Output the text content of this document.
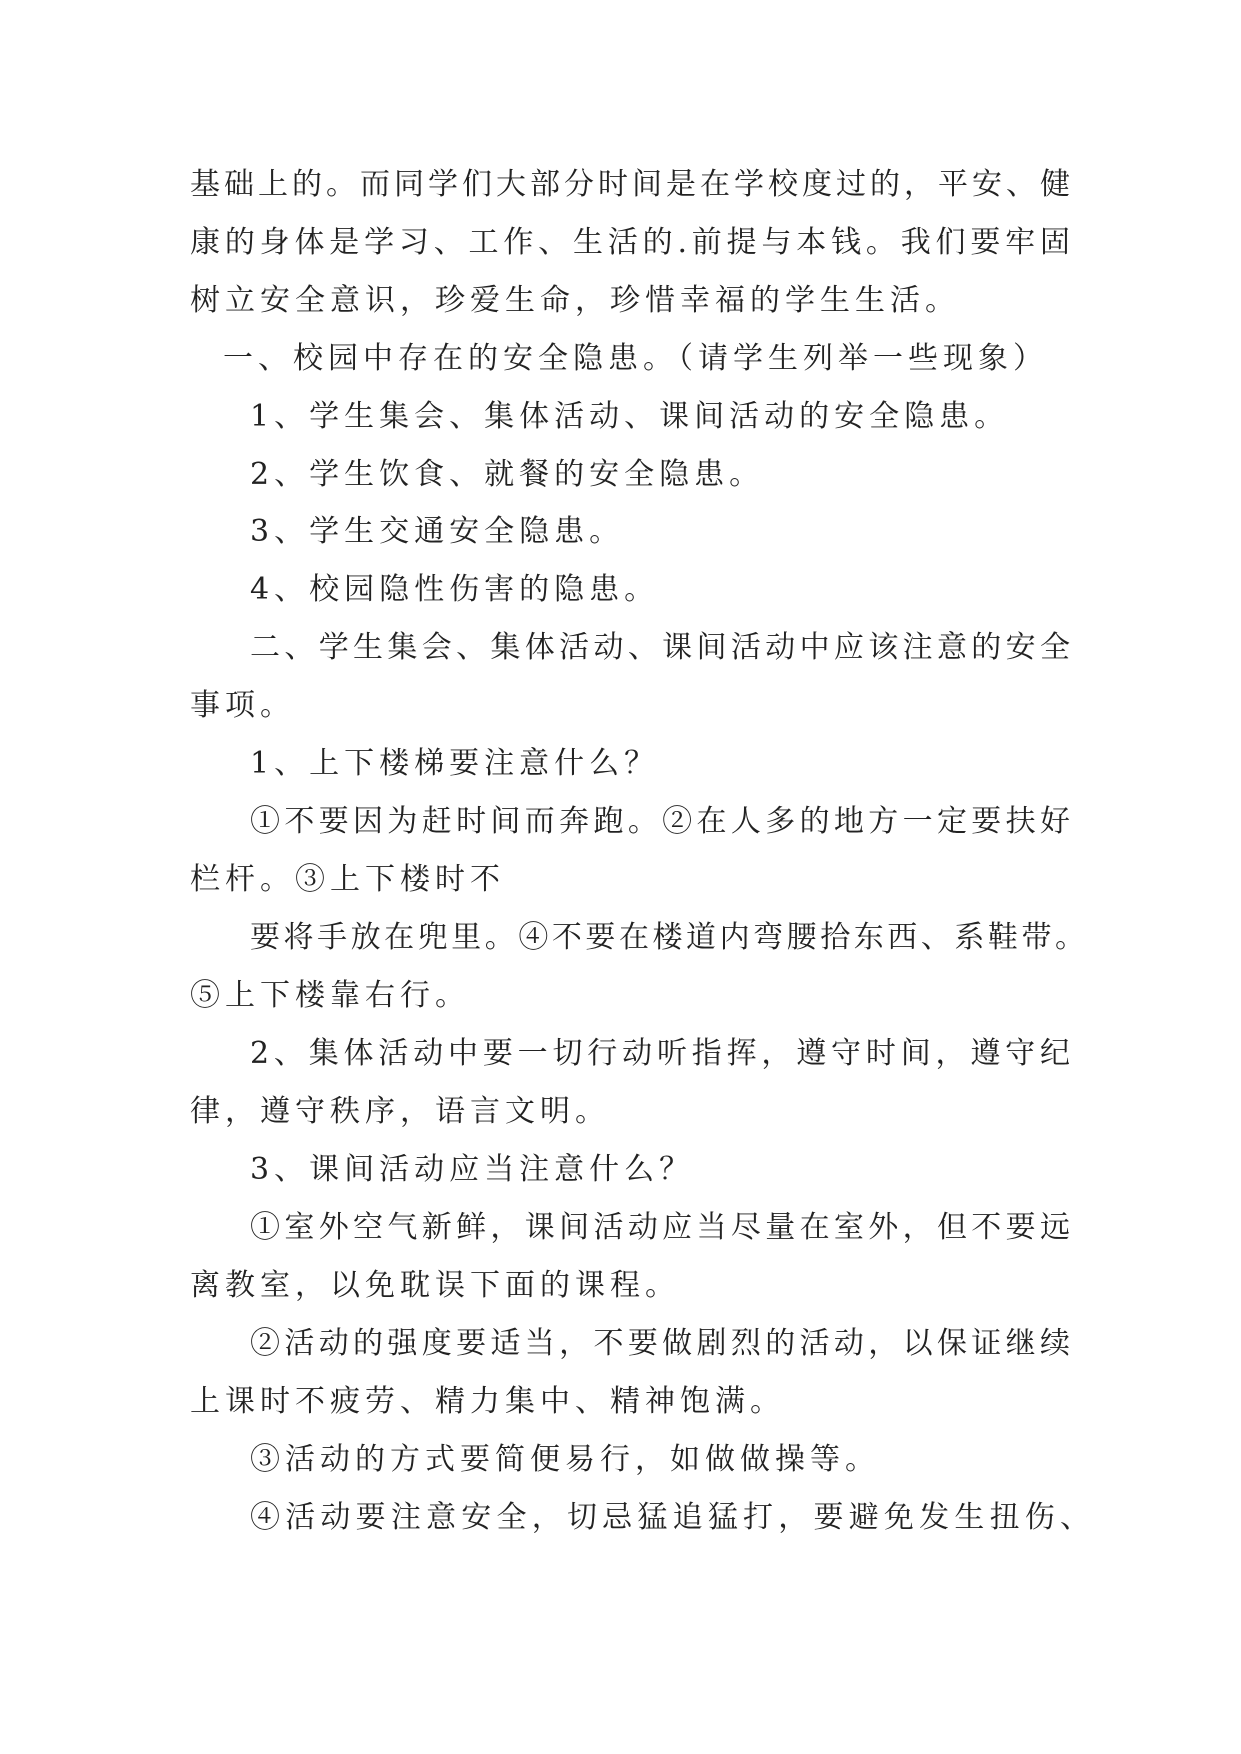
基础上的。而同学们大部分时间是在学校度过的，平安、健

康的身体是学习、工作、生活的.前提与本钱。我们要牢固

树立安全意识，珍爱生命，珍惜幸福的学生生活。

一、校园中存在的安全隐患。（请学生列举一些现象）

1、学生集会、集体活动、课间活动的安全隐患。

2、学生饮食、就餐的安全隐患。

3、学生交通安全隐患。

4、校园隐性伤害的隐患。

二、学生集会、集体活动、课间活动中应该注意的安全

事项。

1、上下楼梯要注意什么？

①不要因为赶时间而奔跑。②在人多的地方一定要扶好

栏杆。③上下楼时不

要将手放在兜里。④不要在楼道内弯腰拾东西、系鞋带。

⑤上下楼靠右行。

2、集体活动中要一切行动听指挥，遵守时间，遵守纪

律，遵守秩序，语言文明。

3、课间活动应当注意什么？

①室外空气新鲜，课间活动应当尽量在室外，但不要远

离教室，以免耽误下面的课程。

②活动的强度要适当，不要做剧烈的活动，以保证继续

上课时不疲劳、精力集中、精神饱满。

③活动的方式要简便易行，如做做操等。

④活动要注意安全，切忌猛追猛打，要避免发生扭伤、
